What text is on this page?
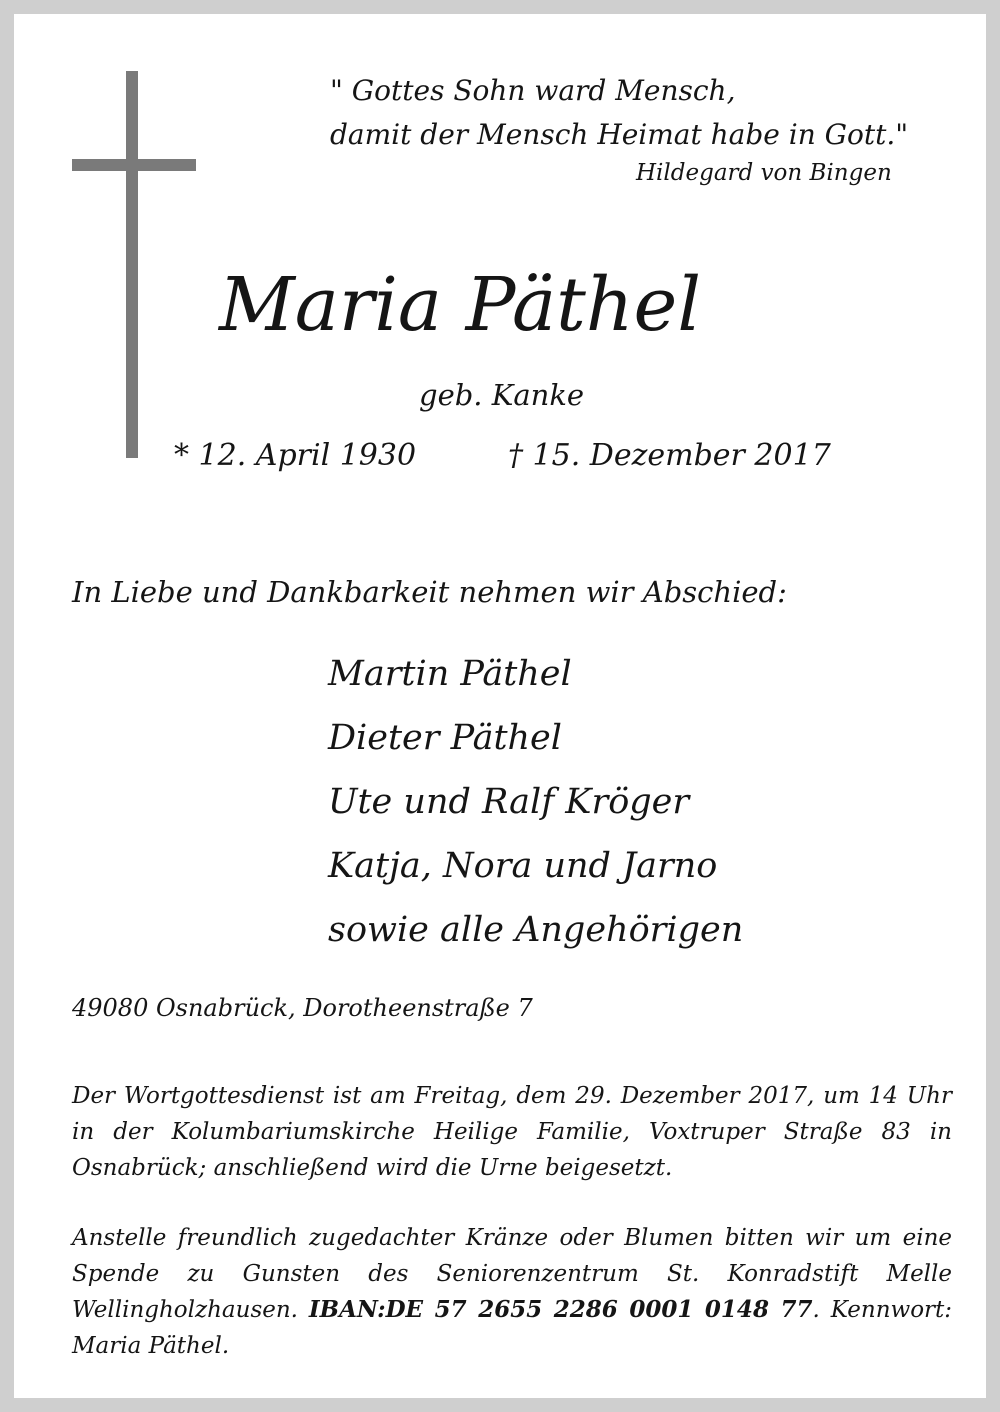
" Gottes Sohn ward Mensch,
damit der Mensch Heimat habe in Gott."
Hildegard von Bingen
Maria Päthel
geb. Kanke
* 12. April 1930	† 15. Dezember 2017
In Liebe und Dankbarkeit nehmen wir Abschied:
Martin Päthel
Dieter Päthel
Ute und Ralf Kröger
Katja, Nora und Jarno
sowie alle Angehörigen
49080 Osnabrück, Dorotheenstraße 7
Der Wortgottesdienst ist am Freitag, dem 29. Dezember 2017, um 14 Uhr in der Kolumbariumskirche Heilige Familie, Voxtruper Straße 83 in Osnabrück; anschließend wird die Urne beigesetzt.
Anstelle freundlich zugedachter Kränze oder Blumen bitten wir um eine Spende zu Gunsten des Seniorenzentrum St. Konradstift Melle Wellingholzhausen. IBAN:DE 57 2655 2286 0001 0148 77. Kennwort: Maria Päthel.
